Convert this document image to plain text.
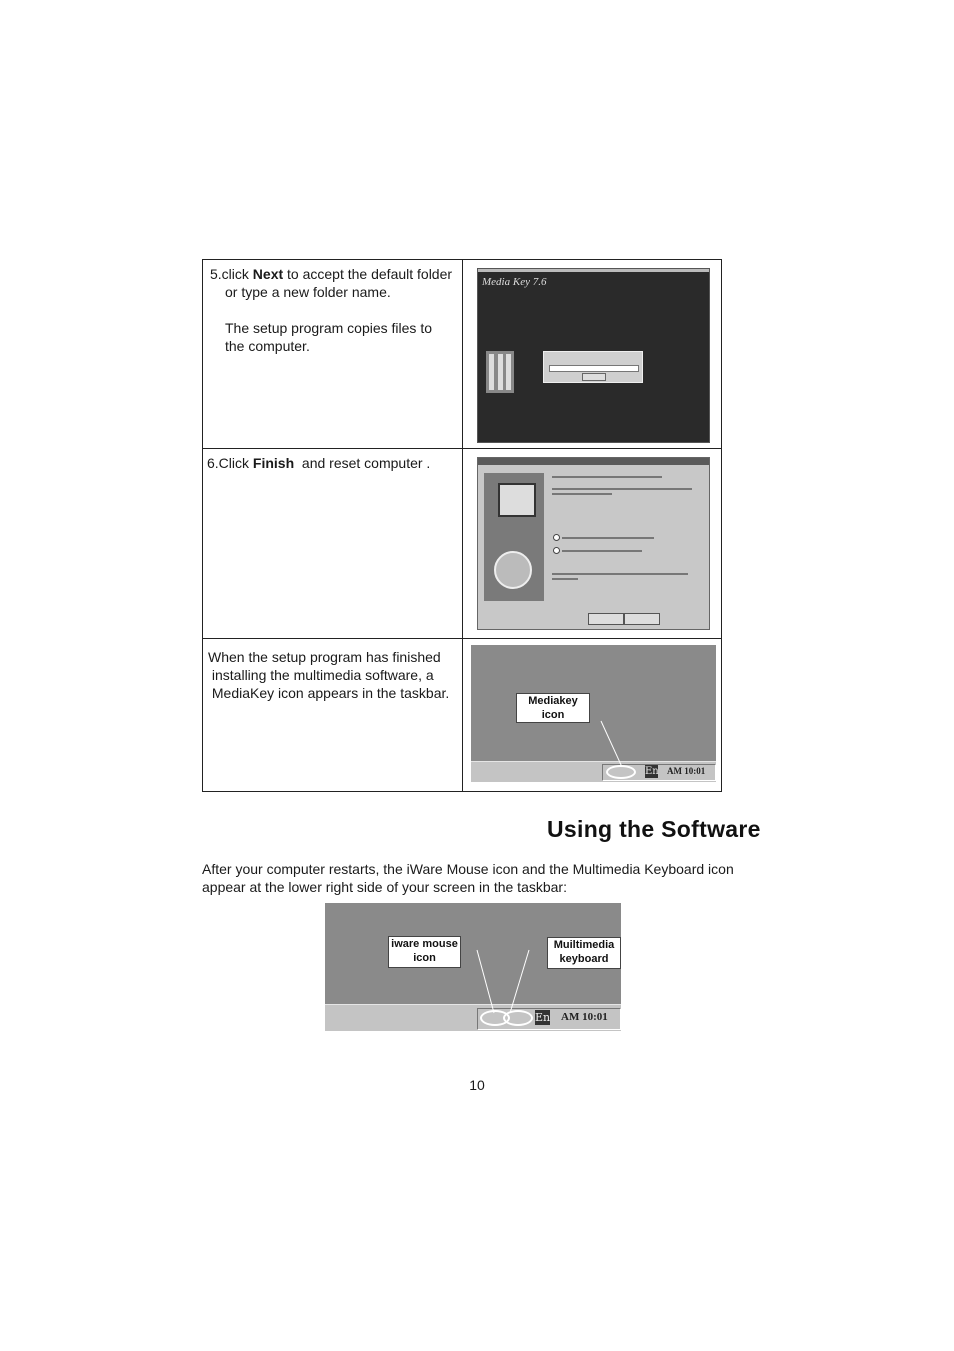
5.click Next to accept the default folder
or type a new folder name.
The setup program copies files to
the computer.
Media Key 7.6
6.Click Finish  and reset computer .
When the setup program has finished
installing the multimedia software, a
MediaKey icon appears in the taskbar.
En AM 10:01
Mediakey
icon
Using the Software
After your computer restarts, the iWare Mouse icon and the Multimedia Keyboard icon
appear at the lower right side of your screen in the taskbar:
En AM 10:01
iware mouse
icon
Muiltimedia
keyboard
10
